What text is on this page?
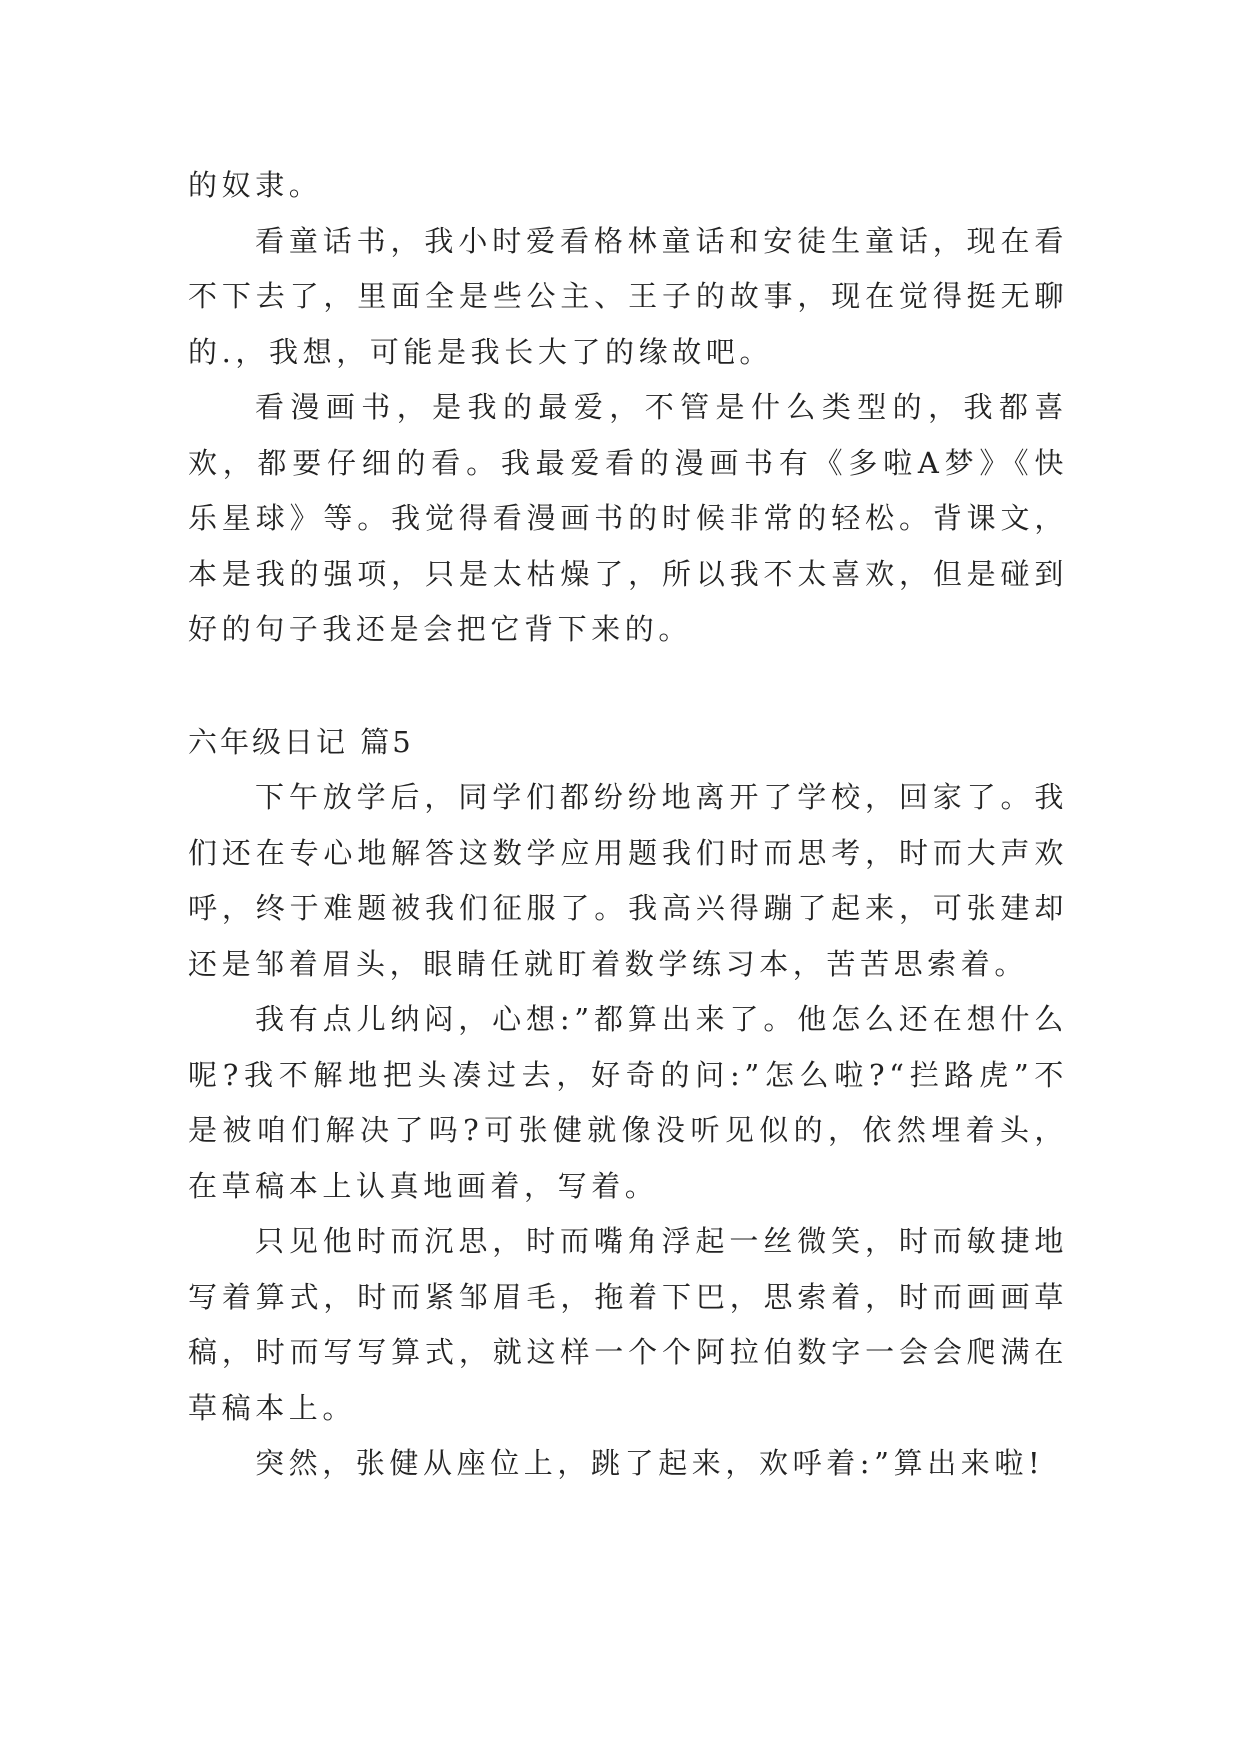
的奴隶。

看童话书，我小时爱看格林童话和安徒生童话，现在看不下去了，里面全是些公主、王子的故事，现在觉得挺无聊的.，我想，可能是我长大了的缘故吧。

看漫画书，是我的最爱，不管是什么类型的，我都喜欢，都要仔细的看。我最爱看的漫画书有《多啦A梦》《快乐星球》等。我觉得看漫画书的时候非常的轻松。背课文，本是我的强项，只是太枯燥了，所以我不太喜欢，但是碰到好的句子我还是会把它背下来的。

六年级日记 篇5

下午放学后，同学们都纷纷地离开了学校，回家了。我们还在专心地解答这数学应用题我们时而思考，时而大声欢呼，终于难题被我们征服了。我高兴得蹦了起来，可张建却还是邹着眉头，眼睛任就盯着数学练习本，苦苦思索着。

我有点儿纳闷，心想:”都算出来了。他怎么还在想什么呢?我不解地把头凑过去，好奇的问:”怎么啦?“拦路虎”不是被咱们解决了吗?可张健就像没听见似的，依然埋着头，在草稿本上认真地画着，写着。

只见他时而沉思，时而嘴角浮起一丝微笑，时而敏捷地写着算式，时而紧邹眉毛，拖着下巴，思索着，时而画画草稿，时而写写算式，就这样一个个阿拉伯数字一会会爬满在草稿本上。

突然，张健从座位上，跳了起来，欢呼着:”算出来啦!
